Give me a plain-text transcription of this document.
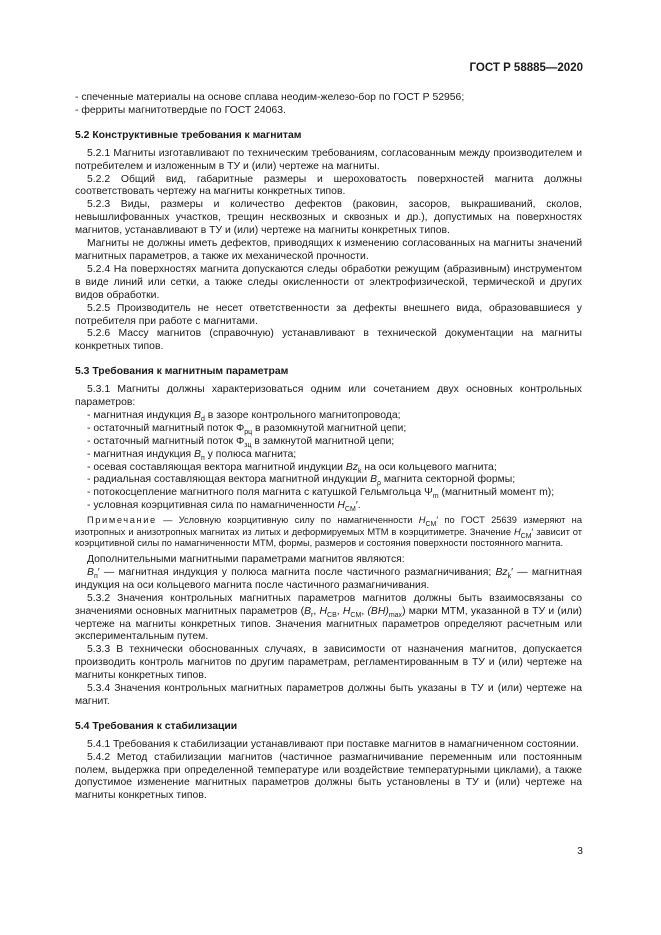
ГОСТ Р 58885—2020

- спеченные материалы на основе сплава неодим-железо-бор по ГОСТ Р 52956;

- ферриты магнитотвердые по ГОСТ 24063.

5.2 Конструктивные требования к магнитам

5.2.1 Магниты изготавливают по техническим требованиям, согласованным между производителем и потребителем и изложенным в ТУ и (или) чертеже на магниты.

5.2.2 Общий вид, габаритные размеры и шероховатость поверхностей магнита должны соответствовать чертежу на магниты конкретных типов.

5.2.3 Виды, размеры и количество дефектов (раковин, засоров, выкрашиваний, сколов, невышлифованных участков, трещин несквозных и сквозных и др.), допустимых на поверхностях магнитов, устанавливают в ТУ и (или) чертеже на магниты конкретных типов.

Магниты не должны иметь дефектов, приводящих к изменению согласованных на магниты значений магнитных параметров, а также их механической прочности.

5.2.4 На поверхностях магнита допускаются следы обработки режущим (абразивным) инструментом в виде линий или сетки, а также следы окисленности от электрофизической, термической и других видов обработки.

5.2.5 Производитель не несет ответственности за дефекты внешнего вида, образовавшиеся у потребителя при работе с магнитами.

5.2.6 Массу магнитов (справочную) устанавливают в технической документации на магниты конкретных типов.

5.3 Требования к магнитным параметрам

5.3.1 Магниты должны характеризоваться одним или сочетанием двух основных контрольных параметров:

- магнитная индукция $B_d$ в зазоре контрольного магнитопровода;

- остаточный магнитный поток $\Phi_{рц}$ в разомкнутой магнитной цепи;

- остаточный магнитный поток $\Phi_{зц}$ в замкнутой магнитной цепи;

- магнитная индукция $B_п$ у полюса магнита;

- осевая составляющая вектора магнитной индукции $Bz_k$ на оси кольцевого магнита;

- радиальная составляющая вектора магнитной индукции $B_\rho$ магнита секторной формы;

- потокосцепление магнитного поля магнита с катушкой Гельмгольца $\Psi_m$ (магнитный момент m);

- условная коэрцитивная сила по намагниченности $H_{CM}'$.

Примечание — Условную коэрцитивную силу по намагниченности $H_{CM}'$ по ГОСТ 25639 измеряют на изотропных и анизотропных магнитах из литых и деформируемых МТМ в коэрцитиметре. Значение $H_{CM}'$ зависит от коэрцитивной силы по намагниченности МТМ, формы, размеров и состояния поверхности постоянного магнита.

Дополнительными магнитными параметрами магнитов являются:

$B_п'$ — магнитная индукция у полюса магнита после частичного размагничивания; $Bz_k'$ — магнитная индукция на оси кольцевого магнита после частичного размагничивания.

5.3.2 Значения контрольных магнитных параметров магнитов должны быть взаимосвязаны со значениями основных магнитных параметров ($B_r$, $H_{CB}$, $H_{CM}$, $(BH)_{max}$) марки МТМ, указанной в ТУ и (или) чертеже на магниты конкретных типов. Значения магнитных параметров определяют расчетным или экспериментальным путем.

5.3.3 В технически обоснованных случаях, в зависимости от назначения магнитов, допускается производить контроль магнитов по другим параметрам, регламентированным в ТУ и (или) чертеже на магниты конкретных типов.

5.3.4 Значения контрольных магнитных параметров должны быть указаны в ТУ и (или) чертеже на магнит.

5.4 Требования к стабилизации

5.4.1 Требования к стабилизации устанавливают при поставке магнитов в намагниченном состоянии.

5.4.2 Метод стабилизации магнитов (частичное размагничивание переменным или постоянным полем, выдержка при определенной температуре или воздействие температурными циклами), а также допустимое изменение магнитных параметров должны быть установлены в ТУ и (или) чертеже на магниты конкретных типов.

3
